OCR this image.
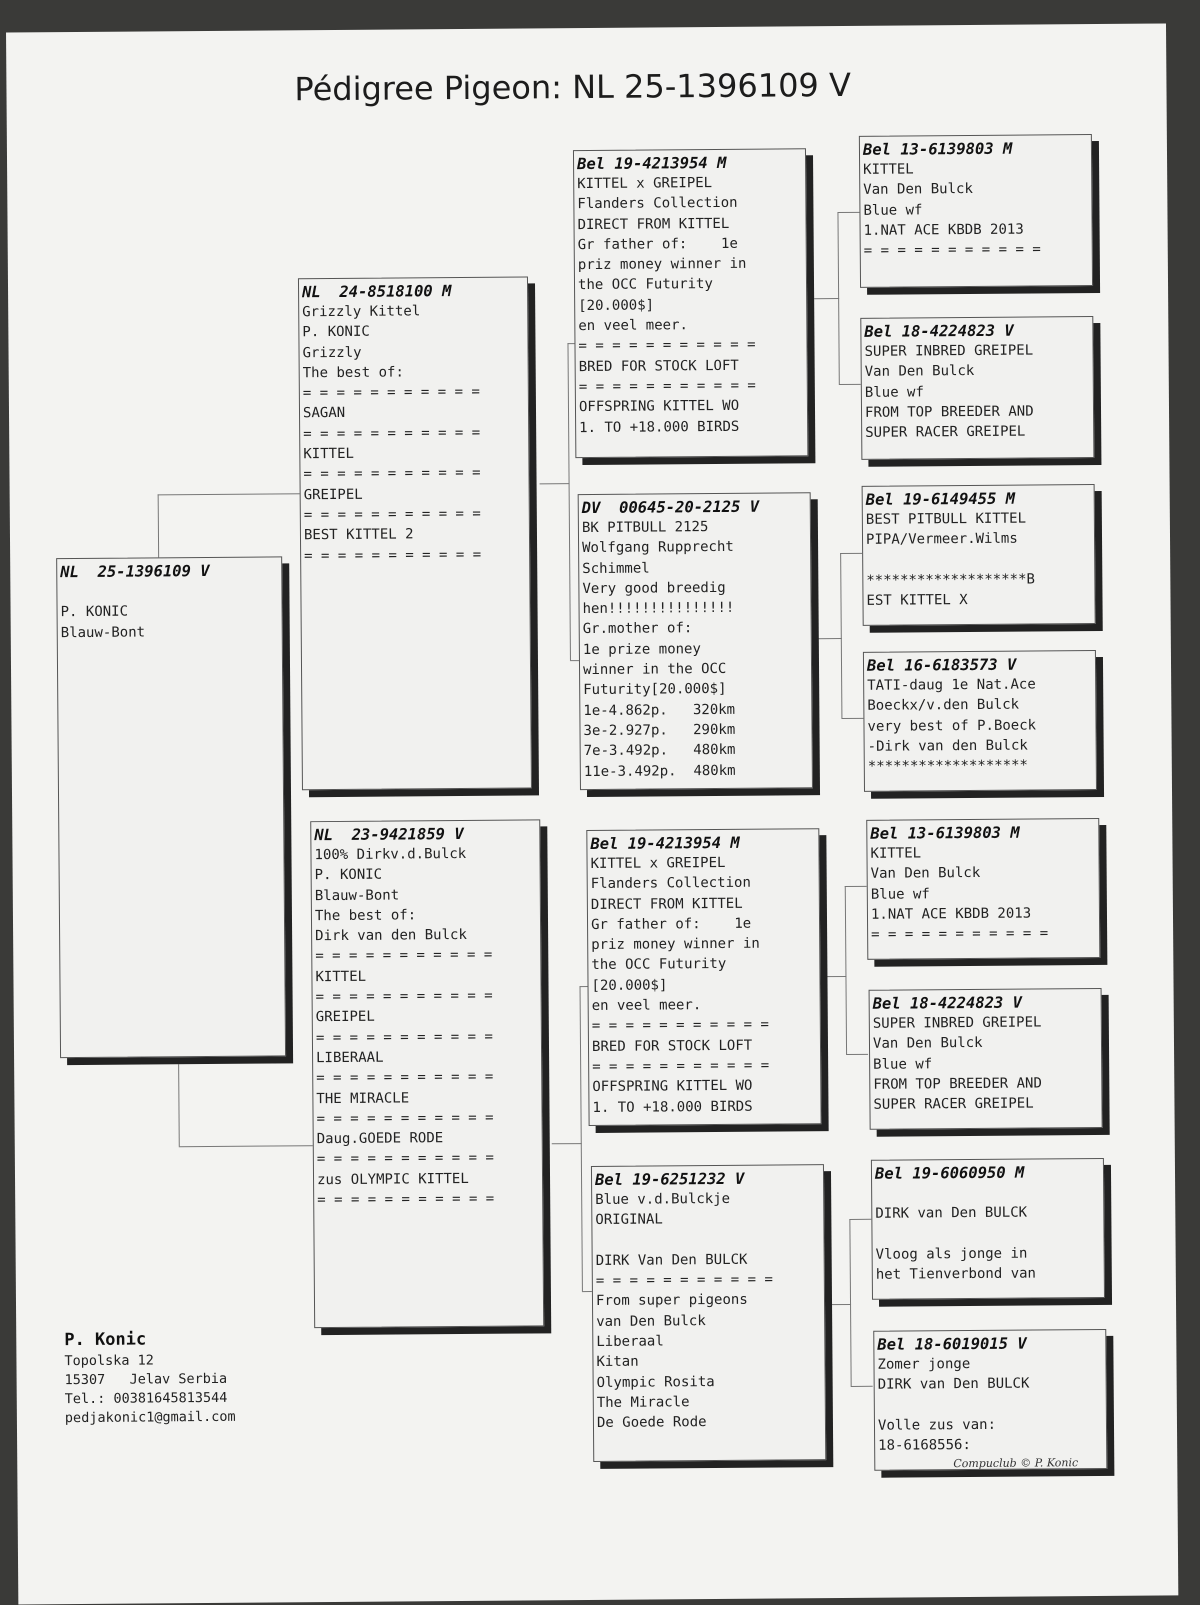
Pédigree Pigeon: NL 25-1396109 V
NL  25-1396109 V
P. KONIC
Blauw-Bont
NL  24-8518100 M
Grizzly Kittel
P. KONIC
Grizzly
The best of:
= = = = = = = = = = =
SAGAN
= = = = = = = = = = =
KITTEL
= = = = = = = = = = =
GREIPEL
= = = = = = = = = = =
BEST KITTEL 2
= = = = = = = = = = =
NL  23-9421859 V
100% Dirkv.d.Bulck
P. KONIC
Blauw-Bont
The best of:
Dirk van den Bulck
= = = = = = = = = = =
KITTEL
= = = = = = = = = = =
GREIPEL
= = = = = = = = = = =
LIBERAAL
= = = = = = = = = = =
THE MIRACLE
= = = = = = = = = = =
Daug.GOEDE RODE
= = = = = = = = = = =
zus OLYMPIC KITTEL
= = = = = = = = = = =
Bel 19-4213954 M
KITTEL x GREIPEL
Flanders Collection
DIRECT FROM KITTEL
Gr father of:    1e
priz money winner in
the OCC Futurity
[20.000$]
en veel meer.
= = = = = = = = = = =
BRED FOR STOCK LOFT
= = = = = = = = = = =
OFFSPRING KITTEL WO
1. TO +18.000 BIRDS
DV  00645-20-2125 V
BK PITBULL 2125
Wolfgang Rupprecht
Schimmel
Very good breedig
hen!!!!!!!!!!!!!!!
Gr.mother of:
1e prize money
winner in the OCC
Futurity[20.000$]
1e-4.862p.   320km
3e-2.927p.   290km
7e-3.492p.   480km
11e-3.492p.  480km
Bel 19-4213954 M
KITTEL x GREIPEL
Flanders Collection
DIRECT FROM KITTEL
Gr father of:    1e
priz money winner in
the OCC Futurity
[20.000$]
en veel meer.
= = = = = = = = = = =
BRED FOR STOCK LOFT
= = = = = = = = = = =
OFFSPRING KITTEL WO
1. TO +18.000 BIRDS
Bel 19-6251232 V
Blue v.d.Bulckje
ORIGINAL
DIRK Van Den BULCK
= = = = = = = = = = =
From super pigeons
van Den Bulck
Liberaal
Kitan
Olympic Rosita
The Miracle
De Goede Rode
Bel 13-6139803 M
KITTEL
Van Den Bulck
Blue wf
1.NAT ACE KBDB 2013
= = = = = = = = = = =
Bel 18-4224823 V
SUPER INBRED GREIPEL
Van Den Bulck
Blue wf
FROM TOP BREEDER AND
SUPER RACER GREIPEL
Bel 19-6149455 M
BEST PITBULL KITTEL
PIPA/Vermeer.Wilms
*******************B
EST KITTEL X
Bel 16-6183573 V
TATI-daug 1e Nat.Ace
Boeckx/v.den Bulck
very best of P.Boeck
-Dirk van den Bulck
*******************
Bel 13-6139803 M
KITTEL
Van Den Bulck
Blue wf
1.NAT ACE KBDB 2013
= = = = = = = = = = =
Bel 18-4224823 V
SUPER INBRED GREIPEL
Van Den Bulck
Blue wf
FROM TOP BREEDER AND
SUPER RACER GREIPEL
Bel 19-6060950 M
DIRK van Den BULCK
Vloog als jonge in
het Tienverbond van
Bel 18-6019015 V
Zomer jonge
DIRK van Den BULCK
Volle zus van:
18-6168556:
P. Konic
Topolska 12
15307   Jelav Serbia
Tel.: 00381645813544
pedjakonic1@gmail.com
Compuclub © P. Konic
